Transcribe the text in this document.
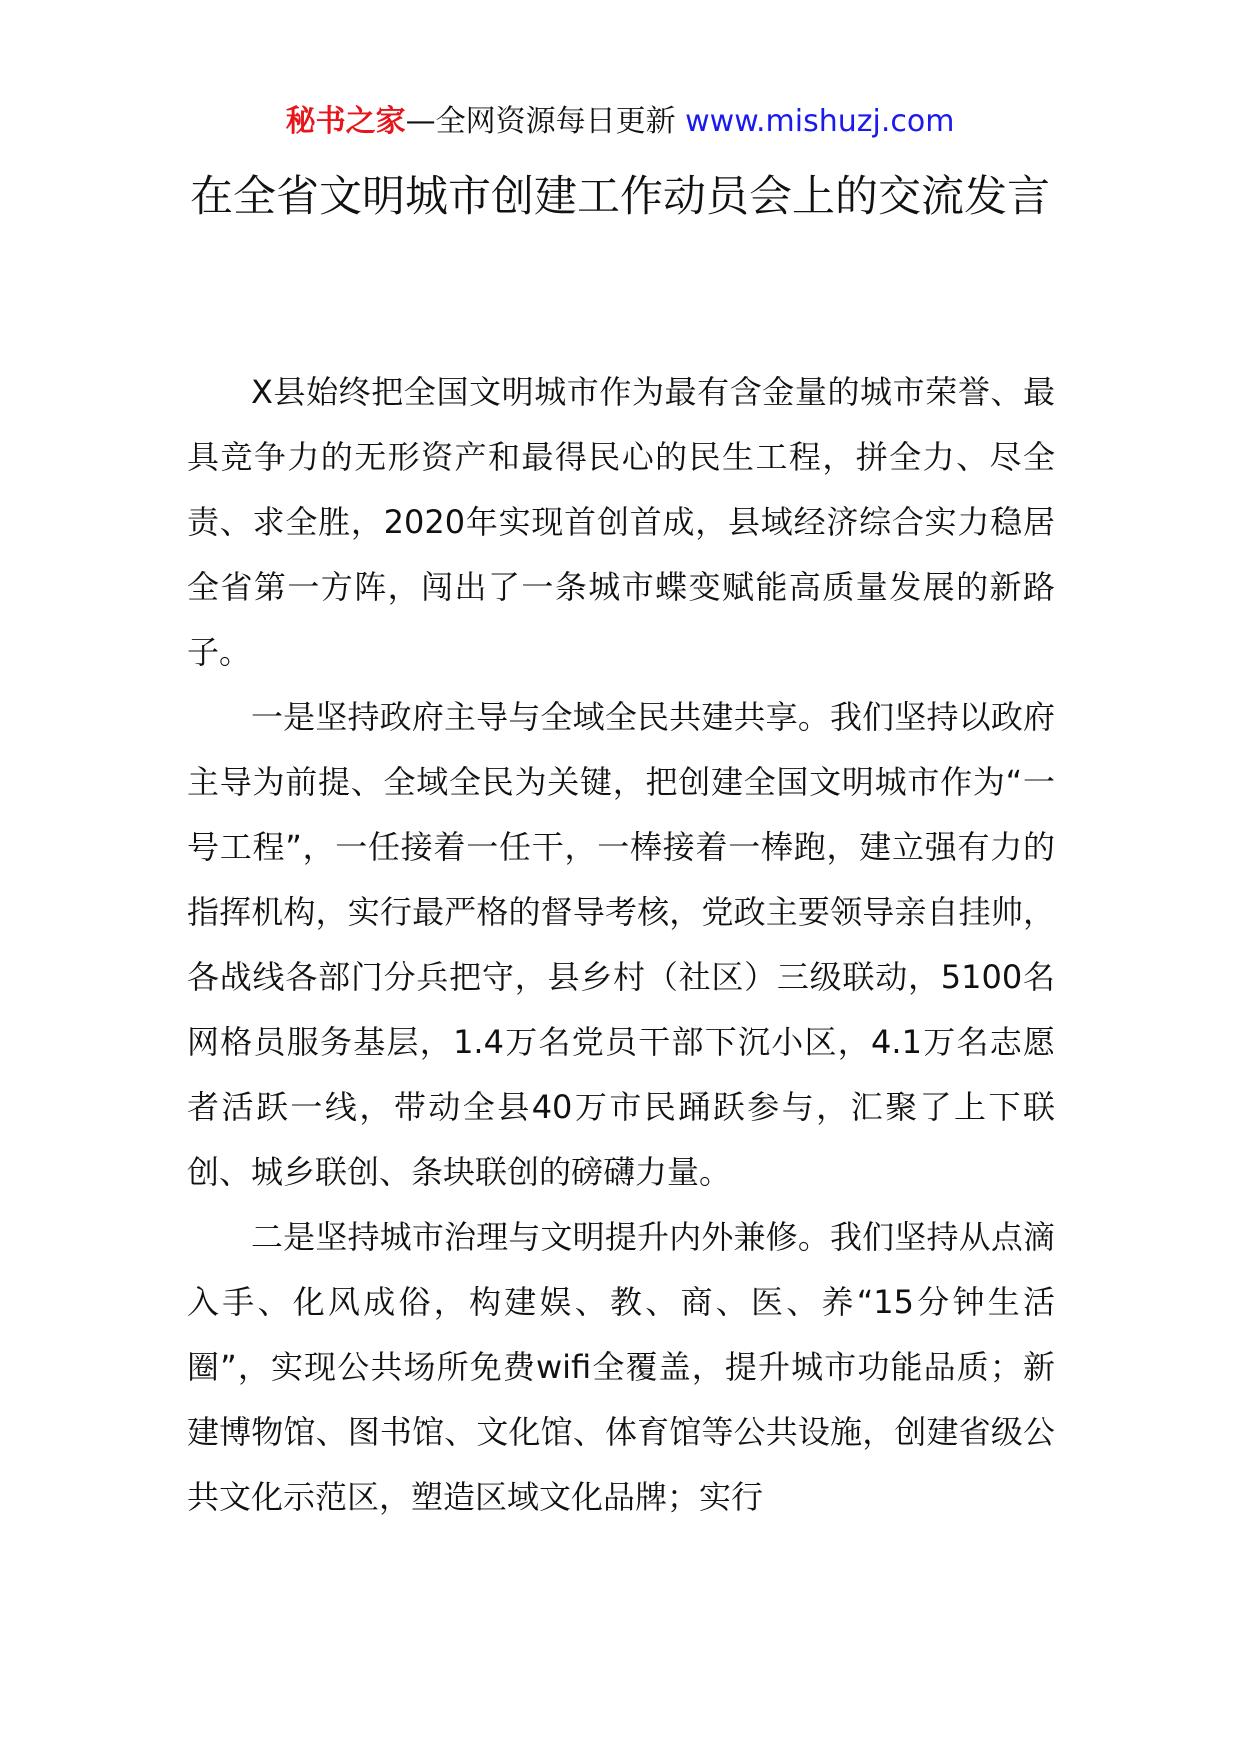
秘书之家—全网资源每日更新 www.mishuzj.com
在全省文明城市创建工作动员会上的交流发言

X县始终把全国文明城市作为最有含金量的城市荣誉、最具竞争力的无形资产和最得民心的民生工程，拼全力、尽全责、求全胜，2020年实现首创首成，县域经济综合实力稳居全省第一方阵，闯出了一条城市蝶变赋能高质量发展的新路子。

一是坚持政府主导与全域全民共建共享。我们坚持以政府主导为前提、全域全民为关键，把创建全国文明城市作为“一号工程”，一任接着一任干，一棒接着一棒跑，建立强有力的指挥机构，实行最严格的督导考核，党政主要领导亲自挂帅，各战线各部门分兵把守，县乡村（社区）三级联动，5100名网格员服务基层，1.4万名党员干部下沉小区，4.1万名志愿者活跃一线，带动全县40万市民踊跃参与，汇聚了上下联创、城乡联创、条块联创的磅礴力量。

二是坚持城市治理与文明提升内外兼修。我们坚持从点滴入手、化风成俗，构建娱、教、商、医、养“15分钟生活圈”，实现公共场所免费wifi全覆盖，提升城市功能品质；新建博物馆、图书馆、文化馆、体育馆等公共设施，创建省级公共文化示范区，塑造区域文化品牌；实行
